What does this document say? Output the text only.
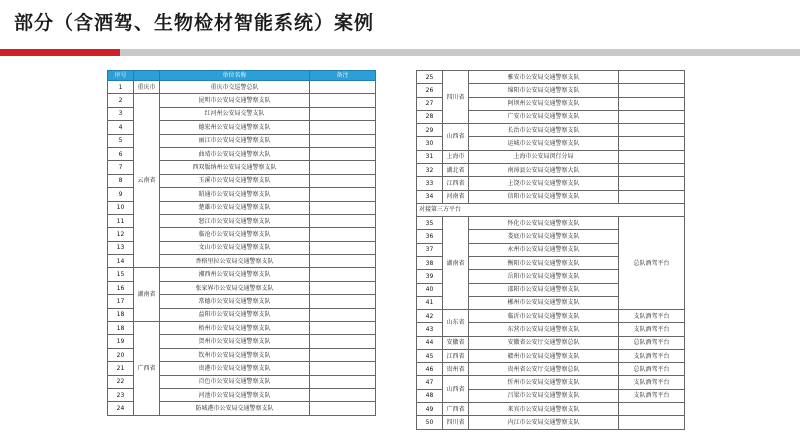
部分（含酒驾、生物检材智能系统）案例
序号		单位名称	备注
1	重庆市	重庆市交巡警总队	
2	云南省	昆明市公安局交通警察支队	
3		红河州公安局交警支队	
4		德宏州公安局交通警察支队	
5		丽江市公安局交通警察支队	
6		曲靖市公安局交通警察大队	
7		西双版纳州公安局交通警察支队	
8		玉溪市公安局交通警察支队	
9		昭通市公安局交通警察支队	
10		楚雄市公安局交通警察支队	
11		怒江市公安局交通警察支队	
12		临沧市公安局交通警察支队	
13		文山市公安局交通警察支队	
14		香格里拉公安局交通警察支队	
15	湖南省	湘西州公安局交通警察支队	
16		张家界市公安局交通警察支队	
17		常德市公安局交通警察支队	
18		益阳市公安局交通警察支队	
18	广西省	梧州市公安局交通警察支队	
19		贺州市公安局交通警察支队	
20		钦州市公安局交通警察支队	
21		贵港市公安局交通警察支队	
22		百色市公安局交通警察支队	
23		河池市公安局交通警察支队	
24		防城港市公安局交通警察支队	
25	四川省	雅安市公安局交通警察支队	
26		绵阳市公安局交通警察支队	
27		阿坝州公安局交通警察支队	
28		广安市公安局交通警察支队	
29	山西省	长治市公安局交通警察支队	
30		运城市公安局交通警察支队	
31	上海市	上海市公安局闵行分局	
32	湖北省	南漳县公安局交通警察大队	
33	江西省	上饶市公安局交通警察支队	
34	河南省	信阳市公安局交通警察支队	
对接第三方平台			
35	湖南省	怀化市公安局交通警察支队	总队酒驾平台
36		娄底市公安局交通警察支队	
37		永州市公安局交通警察支队	
38		衡阳市公安局交通警察支队	
39		岳阳市公安局交通警察支队	
40		邵阳市公安局交通警察支队	
41		郴州市公安局交通警察支队	
42	山东省	临沂市公安局交通警察支队	支队酒驾平台
43		东营市公安局交通警察支队	支队酒驾平台
44	安徽省	安徽省公安厅交通警察总队	总队酒驾平台
45	江西省	赣州市公安局交通警察支队	支队酒驾平台
46	贵州省	贵州省公安厅交通警察总队	总队酒驾平台
47	山西省	忻州市公安局交通警察支队	支队酒驾平台
48		吕梁市公安局交通警察支队	支队酒驾平台
49	广西省	来宾市公安局交通警察支队	
50	四川省	内江市公安局交通警察支队	
